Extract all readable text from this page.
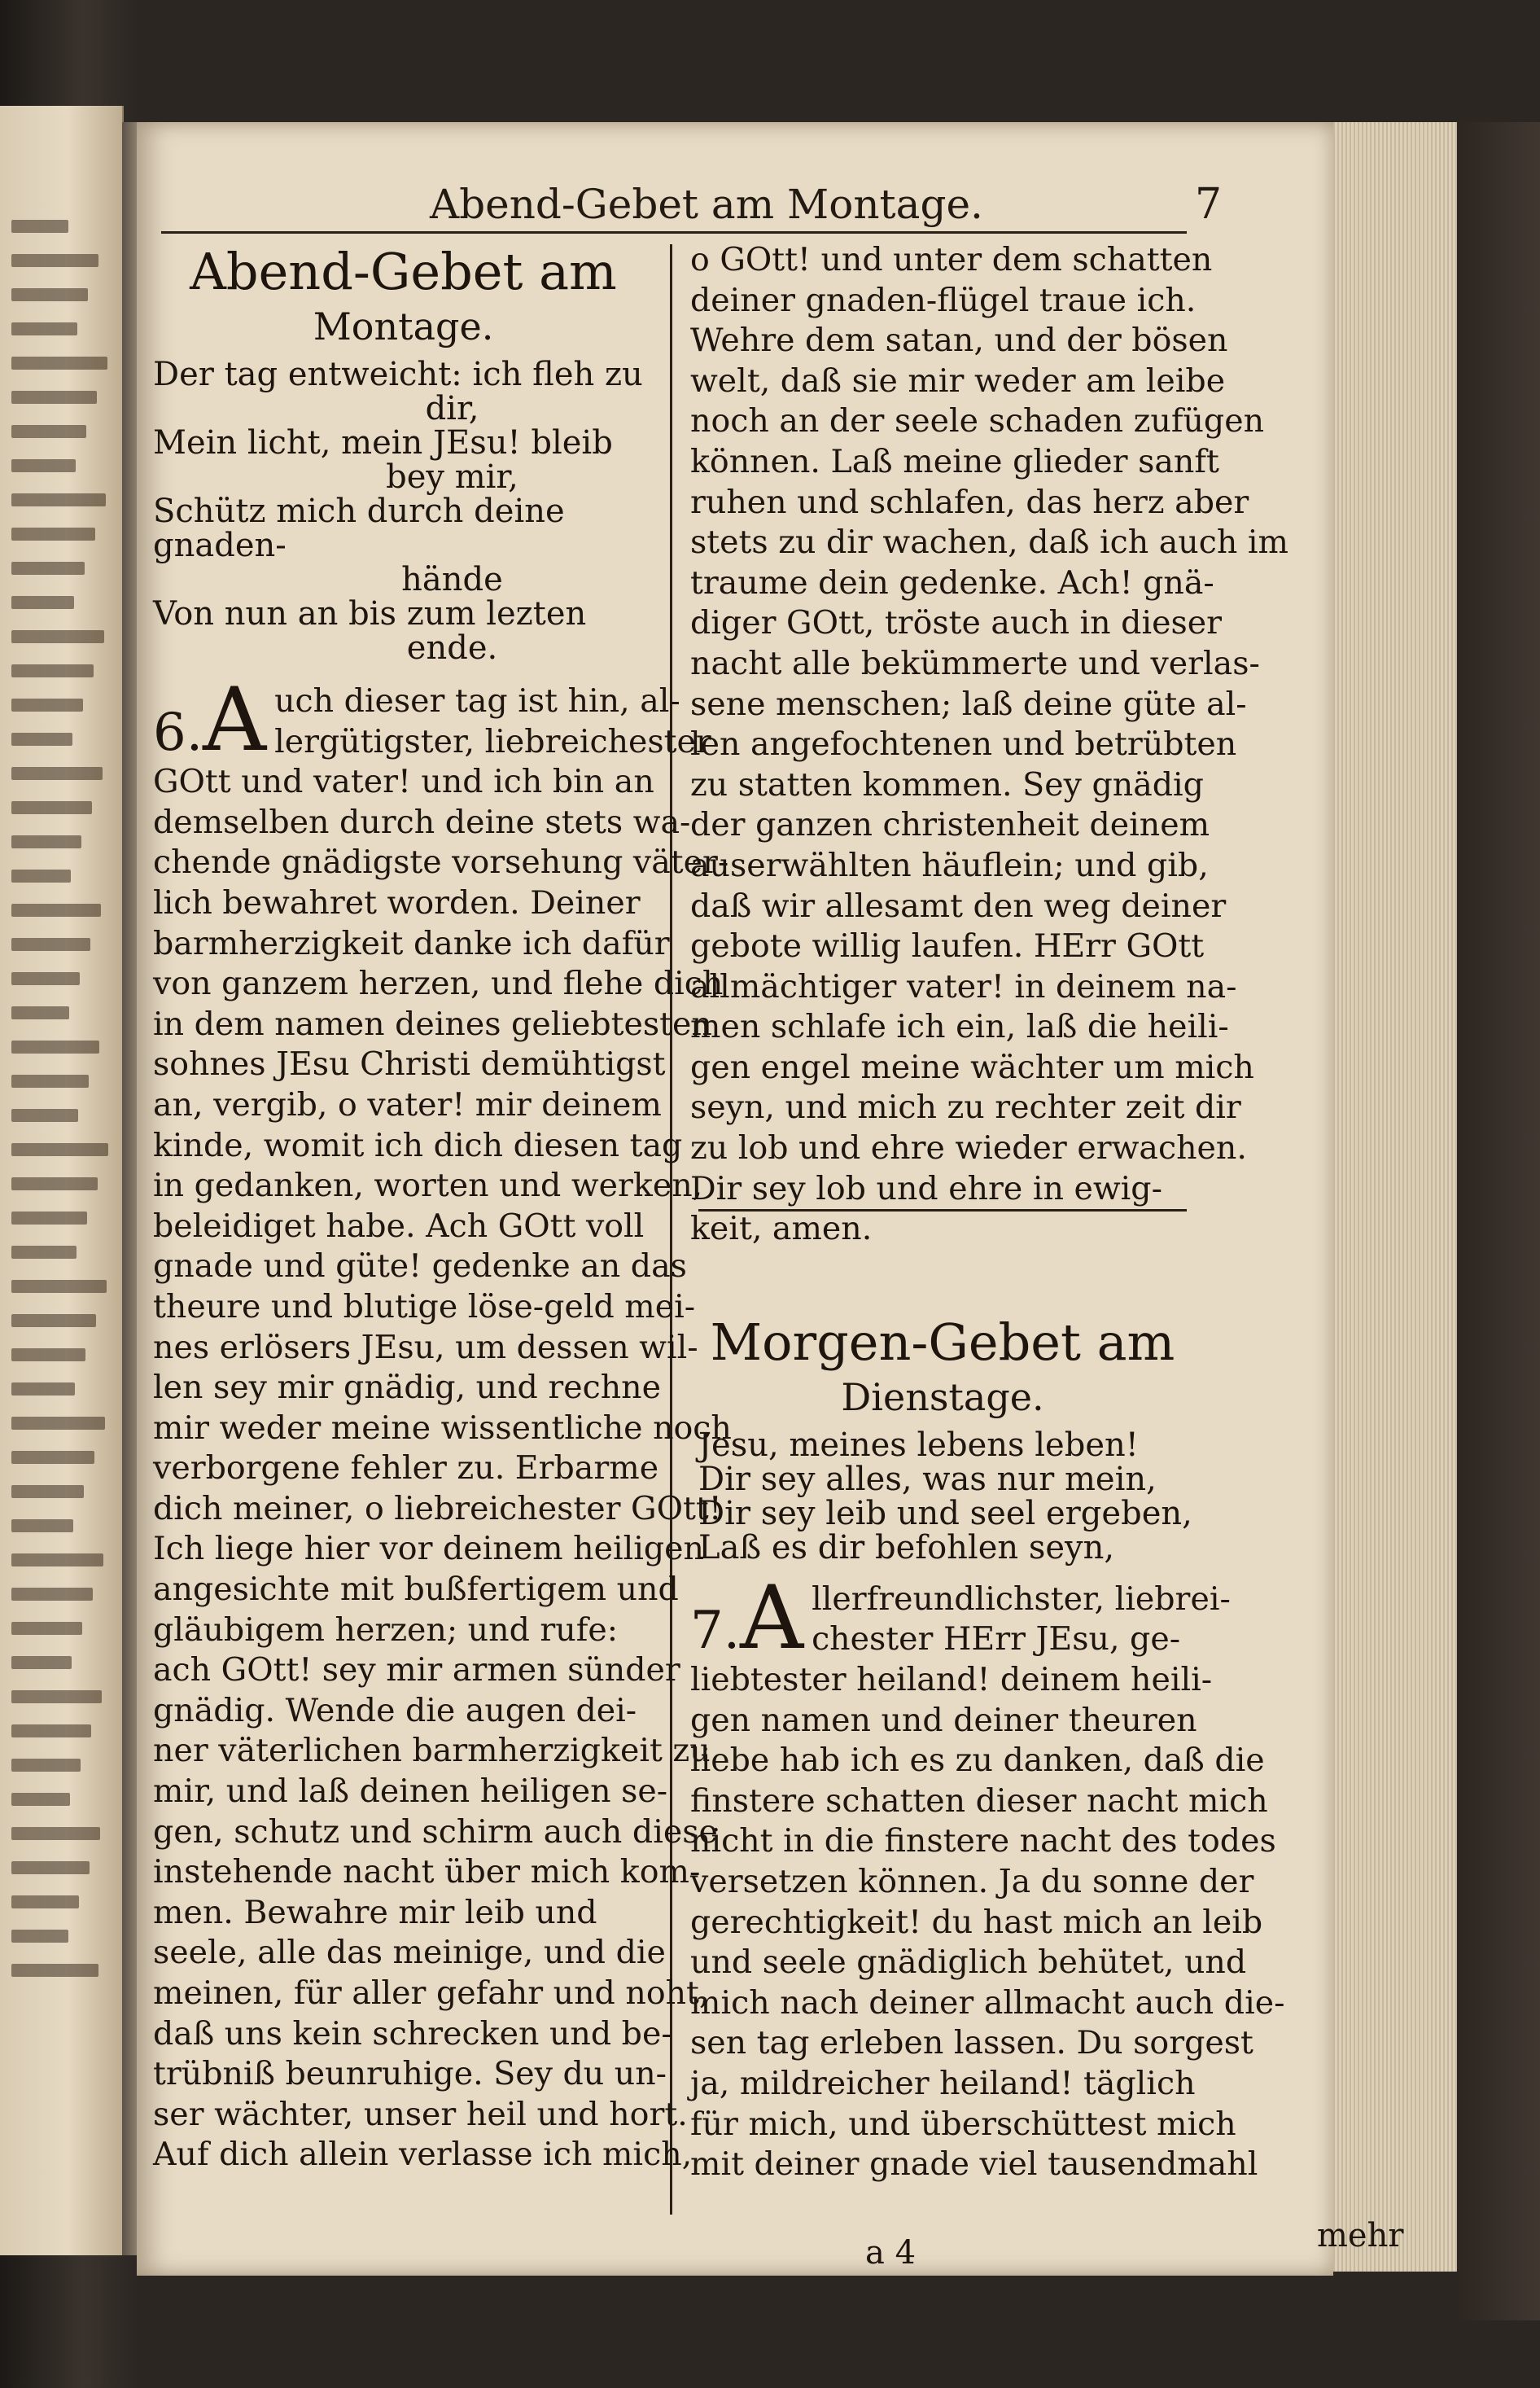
Abend-Gebet am Montage.	7
Abend-Gebet am
Montage.
Der tag entweicht: ich fleh zu
dir,
Mein licht, mein JEsu! bleib
bey mir,
Schütz mich durch deine gnaden-
hände
Von nun an bis zum lezten
ende.
6.A uch dieser tag ist hin, al-
lergütigster, liebreichester
GOtt und vater! und ich bin an
demselben durch deine stets wa-
chende gnädigste vorsehung väter-
lich bewahret worden. Deiner
barmherzigkeit danke ich dafür
von ganzem herzen, und flehe dich
in dem namen deines geliebtesten
sohnes JEsu Christi demühtigst
an, vergib, o vater! mir deinem
kinde, womit ich dich diesen tag
in gedanken, worten und werken,
beleidiget habe. Ach GOtt voll
gnade und güte! gedenke an das
theure und blutige löse-geld mei-
nes erlösers JEsu, um dessen wil-
len sey mir gnädig, und rechne
mir weder meine wissentliche noch
verborgene fehler zu. Erbarme
dich meiner, o liebreichester GOtt!
Ich liege hier vor deinem heiligen
angesichte mit bußfertigem und
gläubigem herzen; und rufe:
ach GOtt! sey mir armen sünder
gnädig. Wende die augen dei-
ner väterlichen barmherzigkeit zu
mir, und laß deinen heiligen se-
gen, schutz und schirm auch diese
instehende nacht über mich kom-
men. Bewahre mir leib und
seele, alle das meinige, und die
meinen, für aller gefahr und noht,
daß uns kein schrecken und be-
trübniß beunruhige. Sey du un-
ser wächter, unser heil und hort.
Auf dich allein verlasse ich mich,
o GOtt! und unter dem schatten
deiner gnaden-flügel traue ich.
Wehre dem satan, und der bösen
welt, daß sie mir weder am leibe
noch an der seele schaden zufügen
können. Laß meine glieder sanft
ruhen und schlafen, das herz aber
stets zu dir wachen, daß ich auch im
traume dein gedenke. Ach! gnä-
diger GOtt, tröste auch in dieser
nacht alle bekümmerte und verlas-
sene menschen; laß deine güte al-
len angefochtenen und betrübten
zu statten kommen. Sey gnädig
der ganzen christenheit deinem
auserwählten häuflein; und gib,
daß wir allesamt den weg deiner
gebote willig laufen. HErr GOtt
allmächtiger vater! in deinem na-
men schlafe ich ein, laß die heili-
gen engel meine wächter um mich
seyn, und mich zu rechter zeit dir
zu lob und ehre wieder erwachen.
Dir sey lob und ehre in ewig-
keit, amen.
Morgen-Gebet am
Dienstage.
Jesu, meines lebens leben!
Dir sey alles, was nur mein,
Dir sey leib und seel ergeben,
Laß es dir befohlen seyn,
7.A llerfreundlichster, liebrei-
chester HErr JEsu, ge-
liebtester heiland! deinem heili-
gen namen und deiner theuren
liebe hab ich es zu danken, daß die
finstere schatten dieser nacht mich
nicht in die finstere nacht des todes
versetzen können. Ja du sonne der
gerechtigkeit! du hast mich an leib
und seele gnädiglich behütet, und
mich nach deiner allmacht auch die-
sen tag erleben lassen. Du sorgest
ja, mildreicher heiland! täglich
für mich, und überschüttest mich
mit deiner gnade viel tausendmahl
a 4	mehr
